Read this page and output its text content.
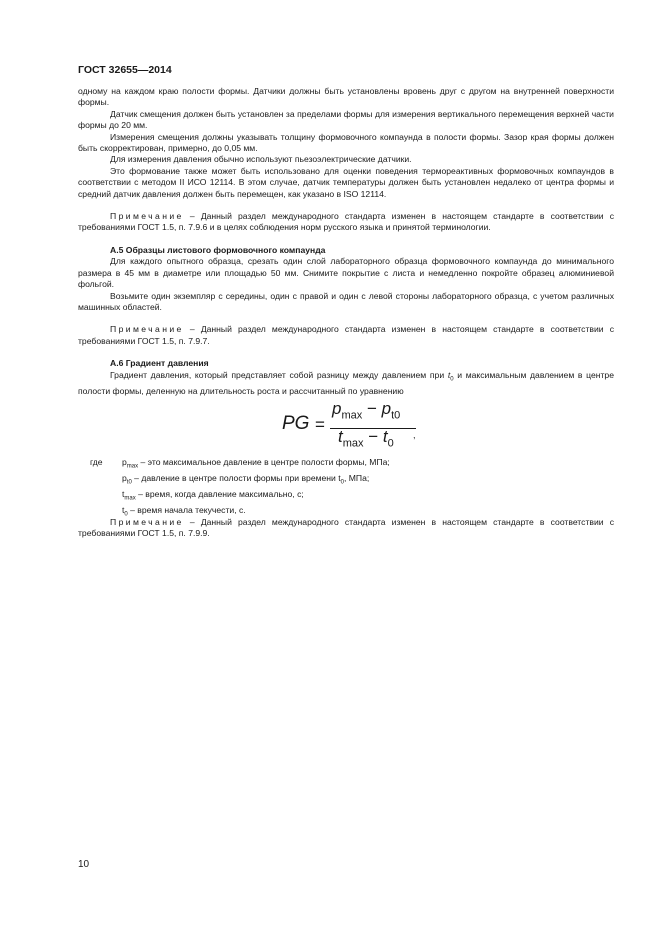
ГОСТ 32655—2014

одному на каждом краю полости формы. Датчики должны быть установлены вровень друг с другом на внутренней поверхности формы.

Датчик смещения должен быть установлен за пределами формы для измерения вертикального перемещения верхней части формы до 20 мм.

Измерения смещения должны указывать толщину формовочного компаунда в полости формы. Зазор края формы должен быть скорректирован, примерно, до 0,05 мм.

Для измерения давления обычно используют пьезоэлектрические датчики.

Это формование также может быть использовано для оценки поведения термореактивных формовочных компаундов в соответствии с методом II ИСО 12114. В этом случае, датчик температуры должен быть установлен недалеко от центра формы и средний датчик давления должен быть перемещен, как указано в ISO 12114.

Примечание – Данный раздел международного стандарта изменен в настоящем стандарте в соответствии с требованиями ГОСТ 1.5, п. 7.9.6 и в целях соблюдения норм русского языка и принятой терминологии.

А.5 Образцы листового формовочного компаунда

Для каждого опытного образца, срезать один слой лабораторного образца формовочного компаунда до минимального размера в 45 мм в диаметре или площадью 50 мм. Снимите покрытие с листа и немедленно покройте образец алюминиевой фольгой.

Возьмите один экземпляр с середины, один с правой и один с левой стороны лабораторного образца, с учетом различных машинных областей.

Примечание – Данный раздел международного стандарта изменен в настоящем стандарте в соответствии с требованиями ГОСТ 1.5, п. 7.9.7.

А.6 Градиент давления

Градиент давления, который представляет собой разницу между давлением при $t_0$ и максимальным давлением в центре полости формы, деленную на длительность роста и рассчитанный по уравнению

PG =
$p_{max} - p_{t0}$
$t_{max} - t_0$
,
где $p_{max}$ – это максимальное давление в центре полости формы, МПа;
$p_{t0}$ – давление в центре полости формы при времени $t_0$, МПа;
$t_{max}$ – время, когда давление максимально, с;
$t_0$ – время начала текучести, с.

Примечание – Данный раздел международного стандарта изменен в настоящем стандарте в соответствии с требованиями ГОСТ 1.5, п. 7.9.9.

10
